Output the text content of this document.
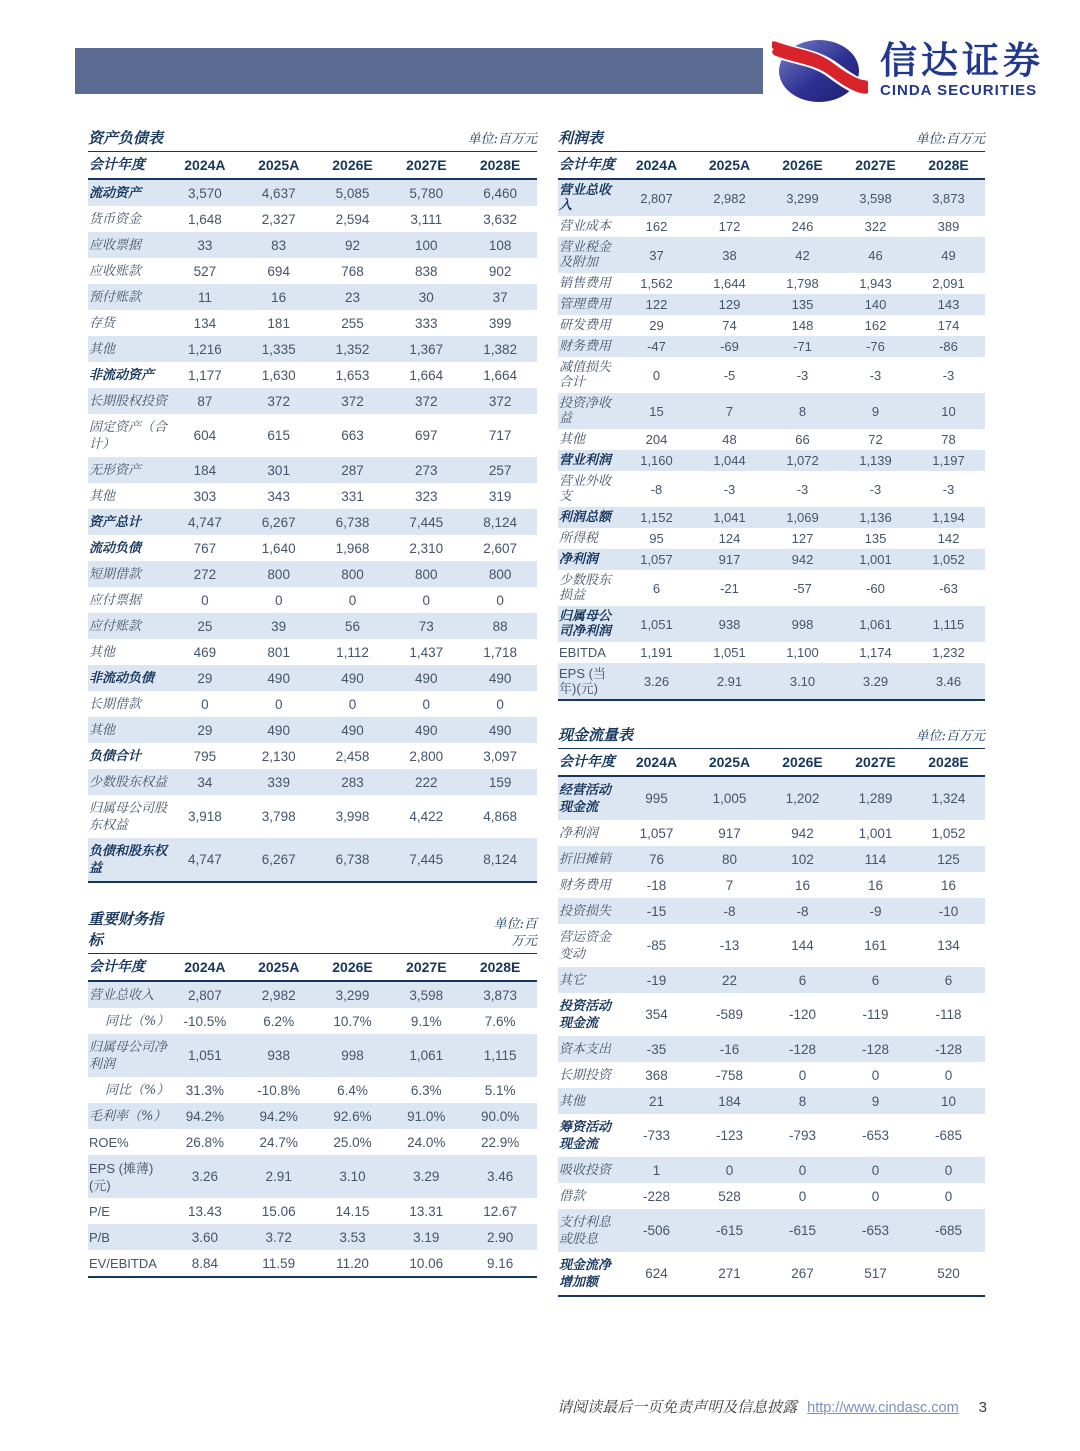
信达证券
CINDA SECURITIES
资产负债表	单位:百万元
会计年度	2024A	2025A	2026E	2027E	2028E
流动资产	3,570	4,637	5,085	5,780	6,460
货币资金	1,648	2,327	2,594	3,111	3,632
应收票据	33	83	92	100	108
应收账款	527	694	768	838	902
预付账款	11	16	23	30	37
存货	134	181	255	333	399
其他	1,216	1,335	1,352	1,367	1,382
非流动资产	1,177	1,630	1,653	1,664	1,664
长期股权投资	87	372	372	372	372
固定资产（合计）	604	615	663	697	717
无形资产	184	301	287	273	257
其他	303	343	331	323	319
资产总计	4,747	6,267	6,738	7,445	8,124
流动负债	767	1,640	1,968	2,310	2,607
短期借款	272	800	800	800	800
应付票据	0	0	0	0	0
应付账款	25	39	56	73	88
其他	469	801	1,112	1,437	1,718
非流动负债	29	490	490	490	490
长期借款	0	0	0	0	0
其他	29	490	490	490	490
负债合计	795	2,130	2,458	2,800	3,097
少数股东权益	34	339	283	222	159
归属母公司股东权益	3,918	3,798	3,998	4,422	4,868
负债和股东权益	4,747	6,267	6,738	7,445	8,124
重要财务指标
单位:百万元
会计年度	2024A	2025A	2026E	2027E	2028E
营业总收入	2,807	2,982	3,299	3,598	3,873
同比（%）	-10.5%	6.2%	10.7%	9.1%	7.6%
归属母公司净利润	1,051	938	998	1,061	1,115
同比（%）	31.3%	-10.8%	6.4%	6.3%	5.1%
毛利率（%）	94.2%	94.2%	92.6%	91.0%	90.0%
ROE%	26.8%	24.7%	25.0%	24.0%	22.9%
EPS (摊薄)(元)	3.26	2.91	3.10	3.29	3.46
P/E	13.43	15.06	14.15	13.31	12.67
P/B	3.60	3.72	3.53	3.19	2.90
EV/EBITDA	8.84	11.59	11.20	10.06	9.16
利润表	单位:百万元
会计年度	2024A	2025A	2026E	2027E	2028E
营业总收入	2,807	2,982	3,299	3,598	3,873
营业成本	162	172	246	322	389
营业税金及附加	37	38	42	46	49
销售费用	1,562	1,644	1,798	1,943	2,091
管理费用	122	129	135	140	143
研发费用	29	74	148	162	174
财务费用	-47	-69	-71	-76	-86
减值损失合计	0	-5	-3	-3	-3
投资净收益	15	7	8	9	10
其他	204	48	66	72	78
营业利润	1,160	1,044	1,072	1,139	1,197
营业外收支	-8	-3	-3	-3	-3
利润总额	1,152	1,041	1,069	1,136	1,194
所得税	95	124	127	135	142
净利润	1,057	917	942	1,001	1,052
少数股东损益	6	-21	-57	-60	-63
归属母公司净利润	1,051	938	998	1,061	1,115
EBITDA	1,191	1,051	1,100	1,174	1,232
EPS (当年)(元)	3.26	2.91	3.10	3.29	3.46
现金流量表	单位:百万元
会计年度	2024A	2025A	2026E	2027E	2028E
经营活动现金流	995	1,005	1,202	1,289	1,324
净利润	1,057	917	942	1,001	1,052
折旧摊销	76	80	102	114	125
财务费用	-18	7	16	16	16
投资损失	-15	-8	-8	-9	-10
营运资金变动	-85	-13	144	161	134
其它	-19	22	6	6	6
投资活动现金流	354	-589	-120	-119	-118
资本支出	-35	-16	-128	-128	-128
长期投资	368	-758	0	0	0
其他	21	184	8	9	10
筹资活动现金流	-733	-123	-793	-653	-685
吸收投资	1	0	0	0	0
借款	-228	528	0	0	0
支付利息或股息	-506	-615	-615	-653	-685
现金流净增加额	624	271	267	517	520
请阅读最后一页免责声明及信息披露 http://www.cindasc.com 3
